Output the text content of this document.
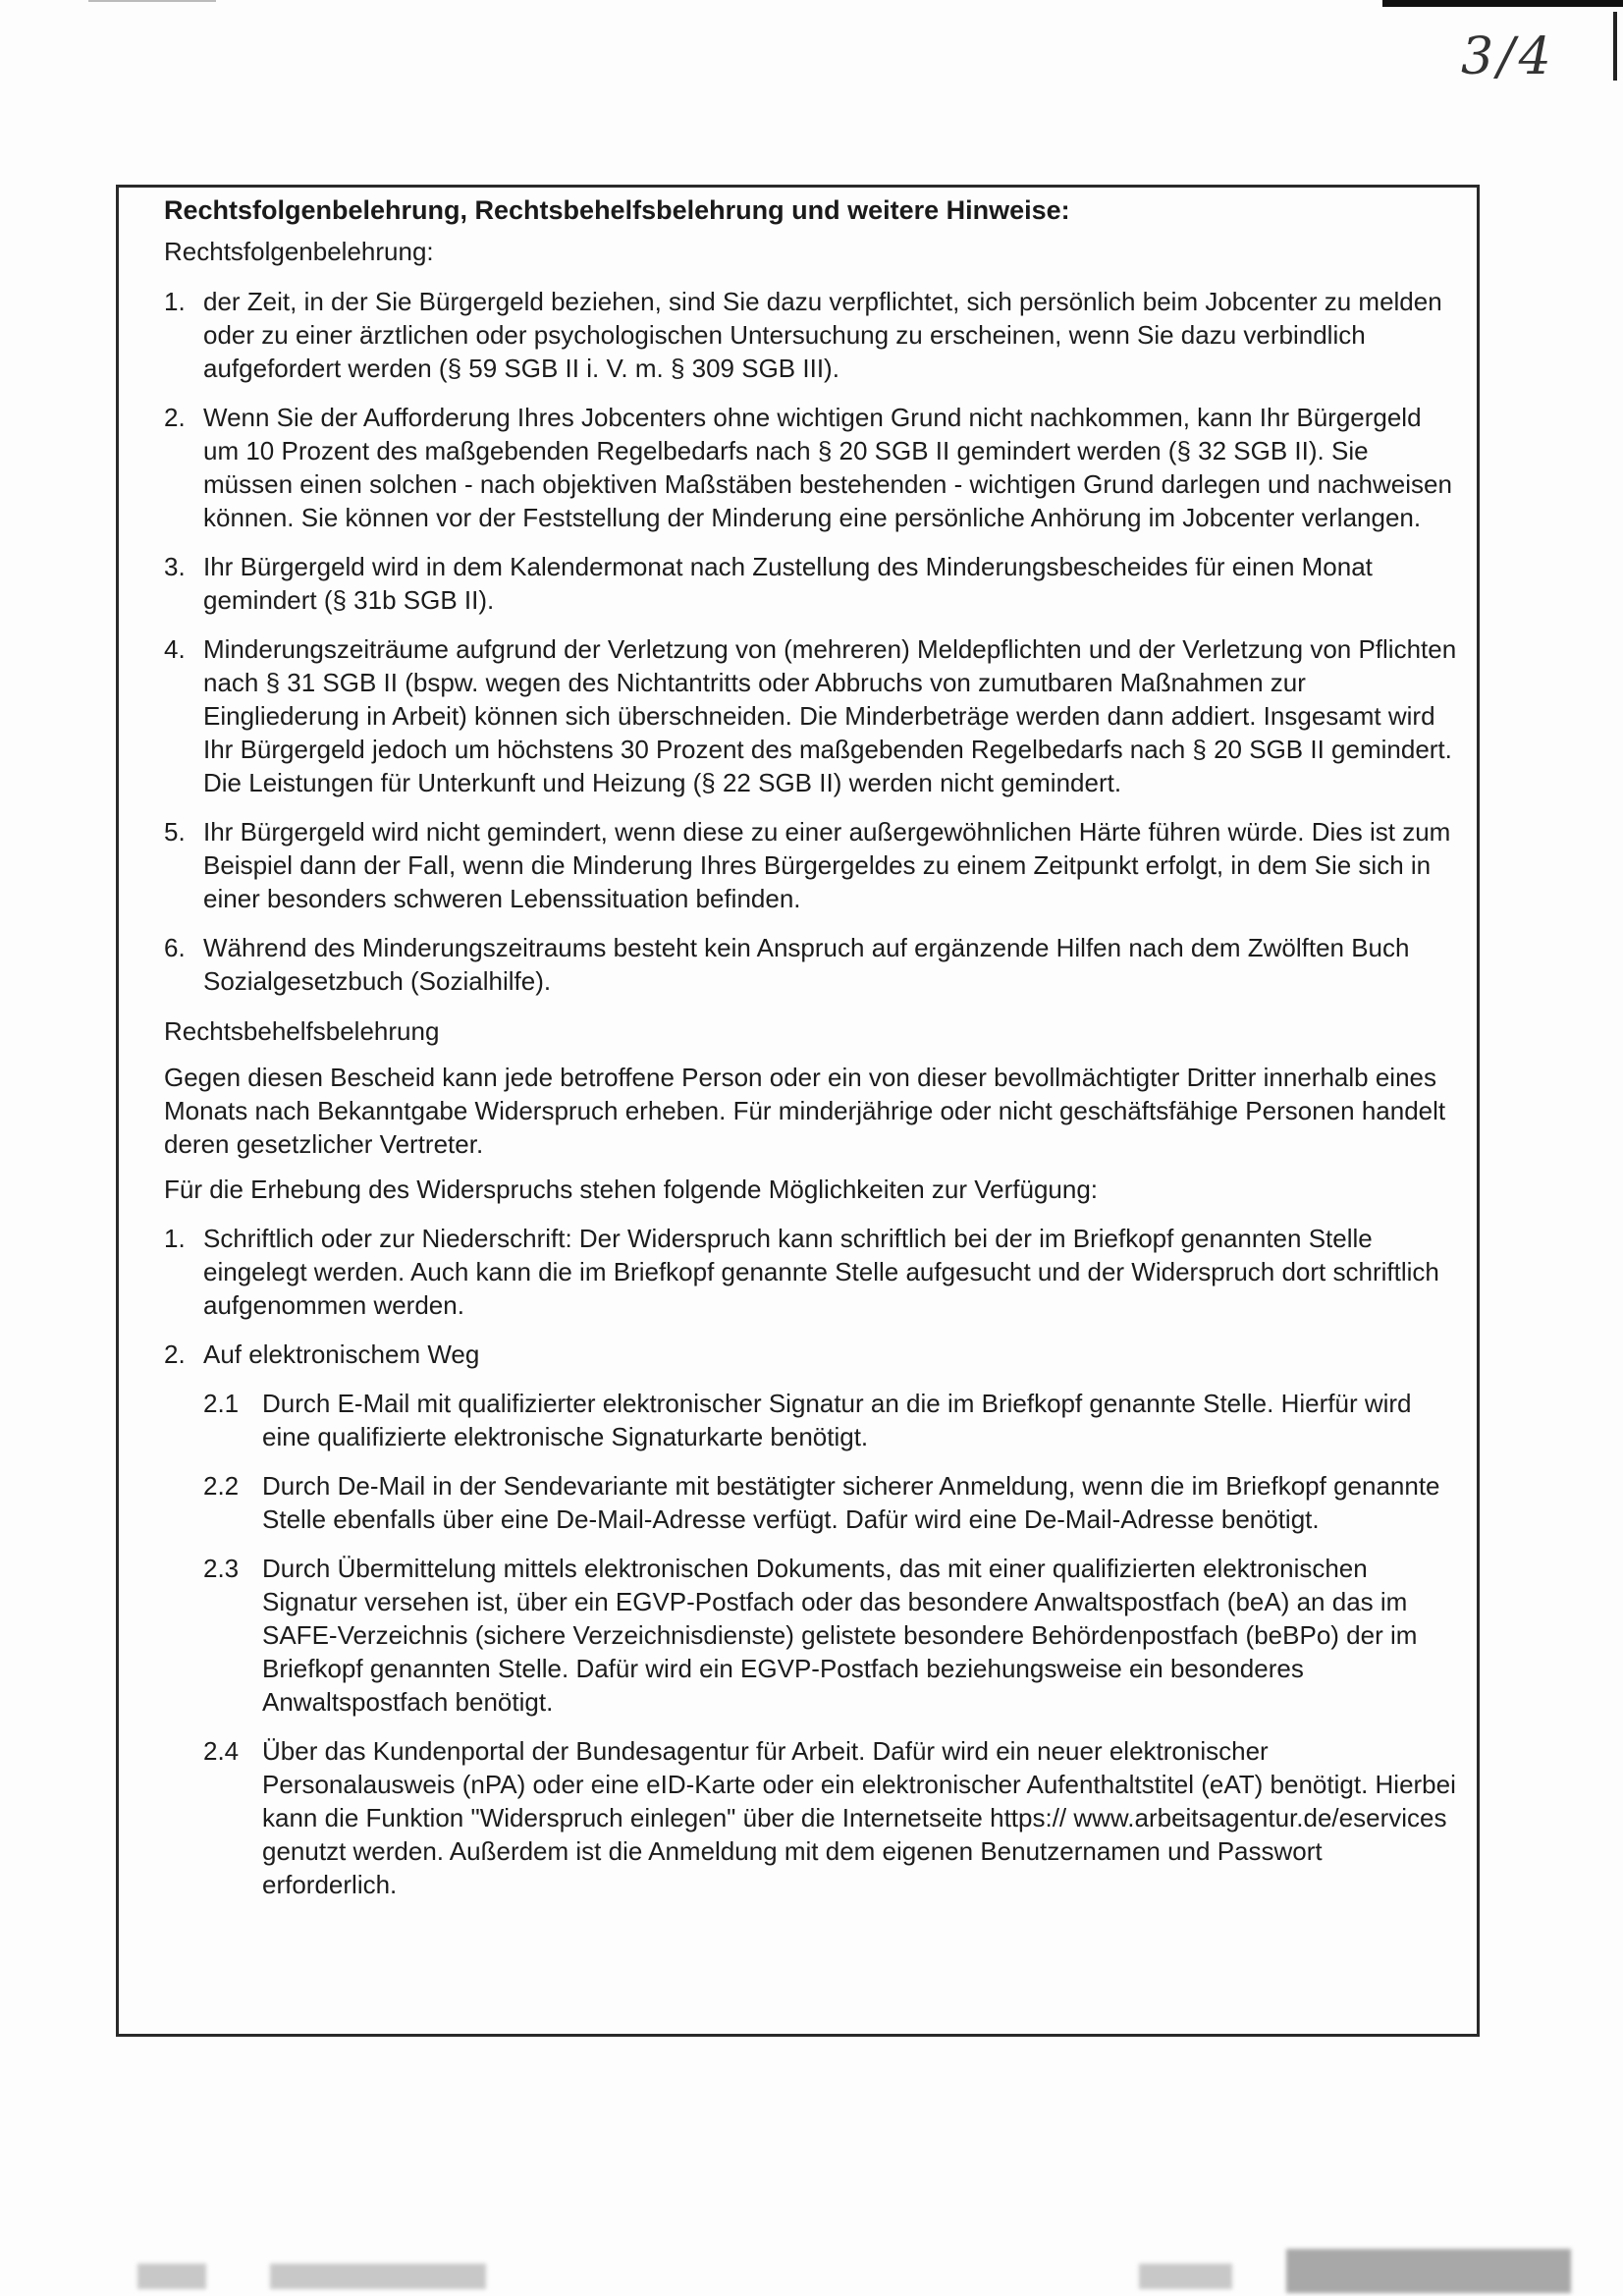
3/4
Rechtsfolgenbelehrung, Rechtsbehelfsbelehrung und weitere Hinweise:
Rechtsfolgenbelehrung:
1. der Zeit, in der Sie Bürgergeld beziehen, sind Sie dazu verpflichtet, sich persönlich beim Jobcenter zu melden oder zu einer ärztlichen oder psychologischen Untersuchung zu erscheinen, wenn Sie dazu verbindlich aufgefordert werden (§ 59 SGB II i. V. m. § 309 SGB III).
2. Wenn Sie der Aufforderung Ihres Jobcenters ohne wichtigen Grund nicht nachkommen, kann Ihr Bürgergeld um 10 Prozent des maßgebenden Regelbedarfs nach § 20 SGB II gemindert werden (§ 32 SGB II). Sie müssen einen solchen - nach objektiven Maßstäben bestehenden - wichtigen Grund darlegen und nachweisen können. Sie können vor der Feststellung der Minderung eine persönliche Anhörung im Jobcenter verlangen.
3. Ihr Bürgergeld wird in dem Kalendermonat nach Zustellung des Minderungsbescheides für einen Monat gemindert (§ 31b SGB II).
4. Minderungszeiträume aufgrund der Verletzung von (mehreren) Meldepflichten und der Verletzung von Pflichten nach § 31 SGB II (bspw. wegen des Nichtantritts oder Abbruchs von zumutbaren Maßnahmen zur Eingliederung in Arbeit) können sich überschneiden. Die Minderbeträge werden dann addiert. Insgesamt wird Ihr Bürgergeld jedoch um höchstens 30 Prozent des maßgebenden Regelbedarfs nach § 20 SGB II gemindert. Die Leistungen für Unterkunft und Heizung (§ 22 SGB II) werden nicht gemindert.
5. Ihr Bürgergeld wird nicht gemindert, wenn diese zu einer außergewöhnlichen Härte führen würde. Dies ist zum Beispiel dann der Fall, wenn die Minderung Ihres Bürgergeldes zu einem Zeitpunkt erfolgt, in dem Sie sich in einer besonders schweren Lebenssituation befinden.
6. Während des Minderungszeitraums besteht kein Anspruch auf ergänzende Hilfen nach dem Zwölften Buch Sozialgesetzbuch (Sozialhilfe).
Rechtsbehelfsbelehrung
Gegen diesen Bescheid kann jede betroffene Person oder ein von dieser bevollmächtigter Dritter innerhalb eines Monats nach Bekanntgabe Widerspruch erheben. Für minderjährige oder nicht geschäftsfähige Personen handelt deren gesetzlicher Vertreter.
Für die Erhebung des Widerspruchs stehen folgende Möglichkeiten zur Verfügung:
1. Schriftlich oder zur Niederschrift: Der Widerspruch kann schriftlich bei der im Briefkopf genannten Stelle eingelegt werden. Auch kann die im Briefkopf genannte Stelle aufgesucht und der Widerspruch dort schriftlich aufgenommen werden.
2. Auf elektronischem Weg
2.1 Durch E-Mail mit qualifizierter elektronischer Signatur an die im Briefkopf genannte Stelle. Hierfür wird eine qualifizierte elektronische Signaturkarte benötigt.
2.2 Durch De-Mail in der Sendevariante mit bestätigter sicherer Anmeldung, wenn die im Briefkopf genannte Stelle ebenfalls über eine De-Mail-Adresse verfügt. Dafür wird eine De-Mail-Adresse benötigt.
2.3 Durch Übermittelung mittels elektronischen Dokuments, das mit einer qualifizierten elektronischen Signatur versehen ist, über ein EGVP-Postfach oder das besondere Anwaltspostfach (beA) an das im SAFE-Verzeichnis (sichere Verzeichnisdienste) gelistete besondere Behördenpostfach (beBPo) der im Briefkopf genannten Stelle. Dafür wird ein EGVP-Postfach beziehungsweise ein besonderes Anwaltspostfach benötigt.
2.4 Über das Kundenportal der Bundesagentur für Arbeit. Dafür wird ein neuer elektronischer Personalausweis (nPA) oder eine eID-Karte oder ein elektronischer Aufenthaltstitel (eAT) benötigt. Hierbei kann die Funktion "Widerspruch einlegen" über die Internetseite https:// www.arbeitsagentur.de/eservices genutzt werden. Außerdem ist die Anmeldung mit dem eigenen Benutzernamen und Passwort erforderlich.
